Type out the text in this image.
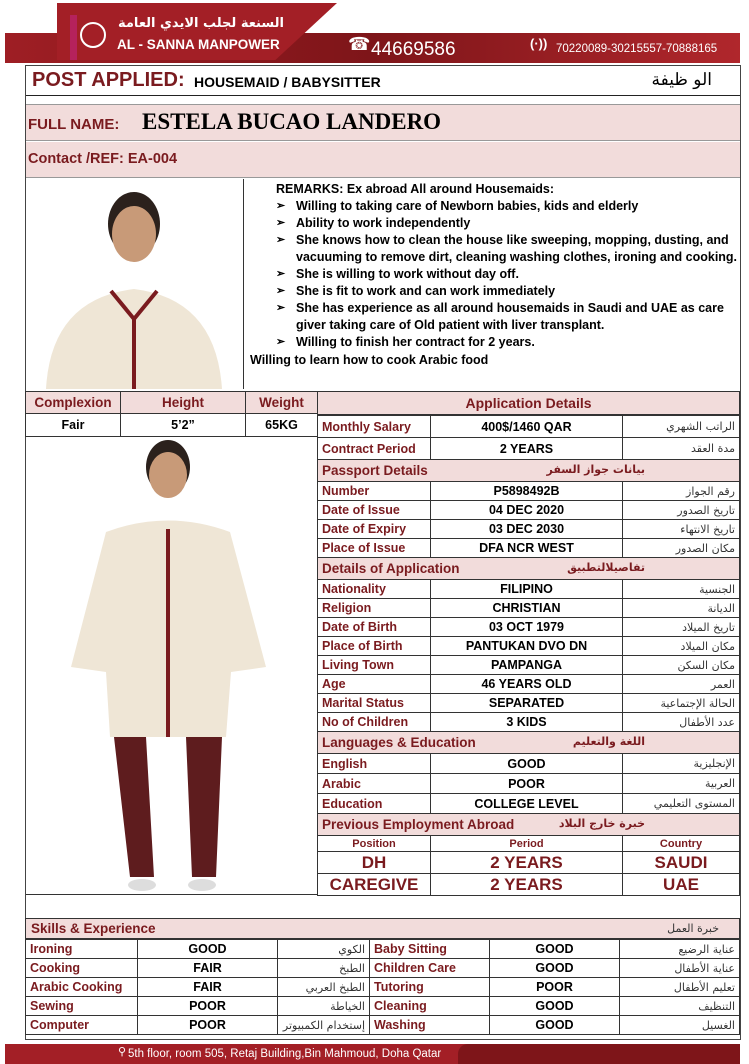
السنعة لجلب الايدي العامة
AL - SANNA MANPOWER	☎ 44669586	(·)) 70220089-30215557-70888165
POST APPLIED: HOUSEMAID / BABYSITTER	الو ظيفة
FULL NAME: ESTELA BUCAO LANDERO
Contact /REF: EA-004
REMARKS: Ex abroad All around Housemaids:
➢ Willing to taking care of Newborn babies, kids and elderly
➢ Ability to work independently
➢ She knows how to clean the house like sweeping, mopping, dusting, and vacuuming to remove dirt, cleaning washing clothes, ironing and cooking.
➢ She is willing to work without day off.
➢ She is fit to work and can work immediately
➢ She has experience as all around housemaids in Saudi and UAE as care giver taking care of Old patient with liver transplant.
➢ Willing to finish her contract for 2 years.
Willing to learn how to cook Arabic food
Complexion	Height	Weight
Fair	5’2”	65KG
Application Details
Monthly Salary	400$/1460 QAR	الراتب الشهري
Contract Period	2 YEARS	مدة العقد
Passport Details بيانات جواز السفر		

Number	P5898492B	رقم الجواز
Date of Issue	04 DEC 2020	تاريخ الصدور
Date of Expiry	03 DEC 2030	تاريخ الانتهاء
Place of Issue	DFA NCR WEST	مكان الصدور
Details of Application تفاصيلالتطبيق		

Nationality	FILIPINO	الجنسية
Religion	CHRISTIAN	الديانة
Date of Birth	03 OCT 1979	تاريخ الميلاد
Place of Birth	PANTUKAN DVO DN	مكان الميلاد
Living Town	PAMPANGA	مكان السكن
Age	46 YEARS OLD	العمر
Marital Status	SEPARATED	الحالة الإجتماعية
No of Children	3 KIDS	عدد الأطفال
Languages & Education اللغة والتعليم		

English	GOOD	الإنجليزية
Arabic	POOR	العربية
Education	COLLEGE LEVEL	المستوى التعليمي
Previous Employment Abroad خبرة خارج البلاد		

Position	Period	Country
DH	2 YEARS	SAUDI
CAREGIVE	2 YEARS	UAE
Skills & Experience	خبرة العمل
Ironing	GOOD	الكوي	Baby Sitting	GOOD	عناية الرضيع
Cooking	FAIR	الطبخ	Children Care	GOOD	عناية الأطفال
Arabic Cooking	FAIR	الطبخ العربي	Tutoring	POOR	تعليم الأطفال
Sewing	POOR	الخياطة	Cleaning	GOOD	التنظيف
Computer	POOR	إستخدام الكمبيوتر	Washing	GOOD	الغسيل
⚲ 5th floor, room 505, Retaj Building,Bin Mahmoud, Doha Qatar
